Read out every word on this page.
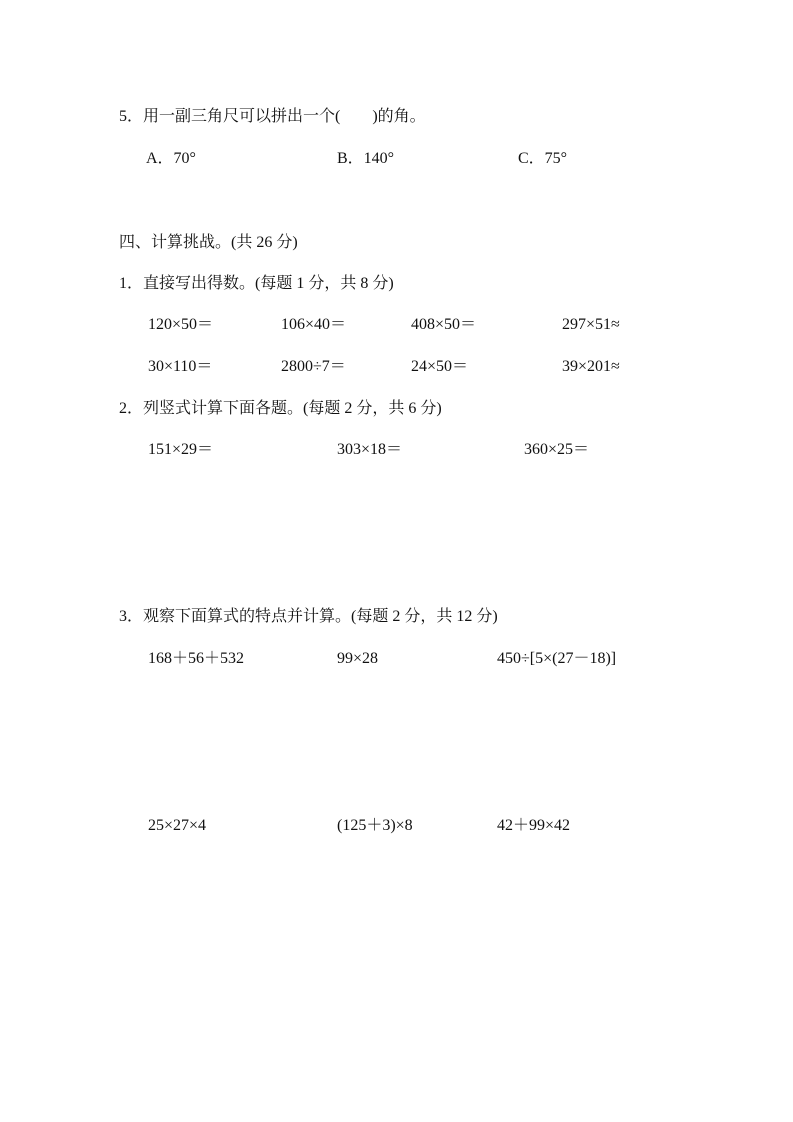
5．用一副三角尺可以拼出一个(　　)的角。
A．70°	B．140°	C．75°
四、计算挑战。(共 26 分)
1．直接写出得数。(每题 1 分，共 8 分)
120×50＝	106×40＝	408×50＝	297×51≈
30×110＝	2800÷7＝	24×50＝	39×201≈
2．列竖式计算下面各题。(每题 2 分，共 6 分)
151×29＝	303×18＝	360×25＝
3．观察下面算式的特点并计算。(每题 2 分，共 12 分)
168＋56＋532	99×28	450÷[5×(27－18)]
25×27×4	(125＋3)×8	42＋99×42
